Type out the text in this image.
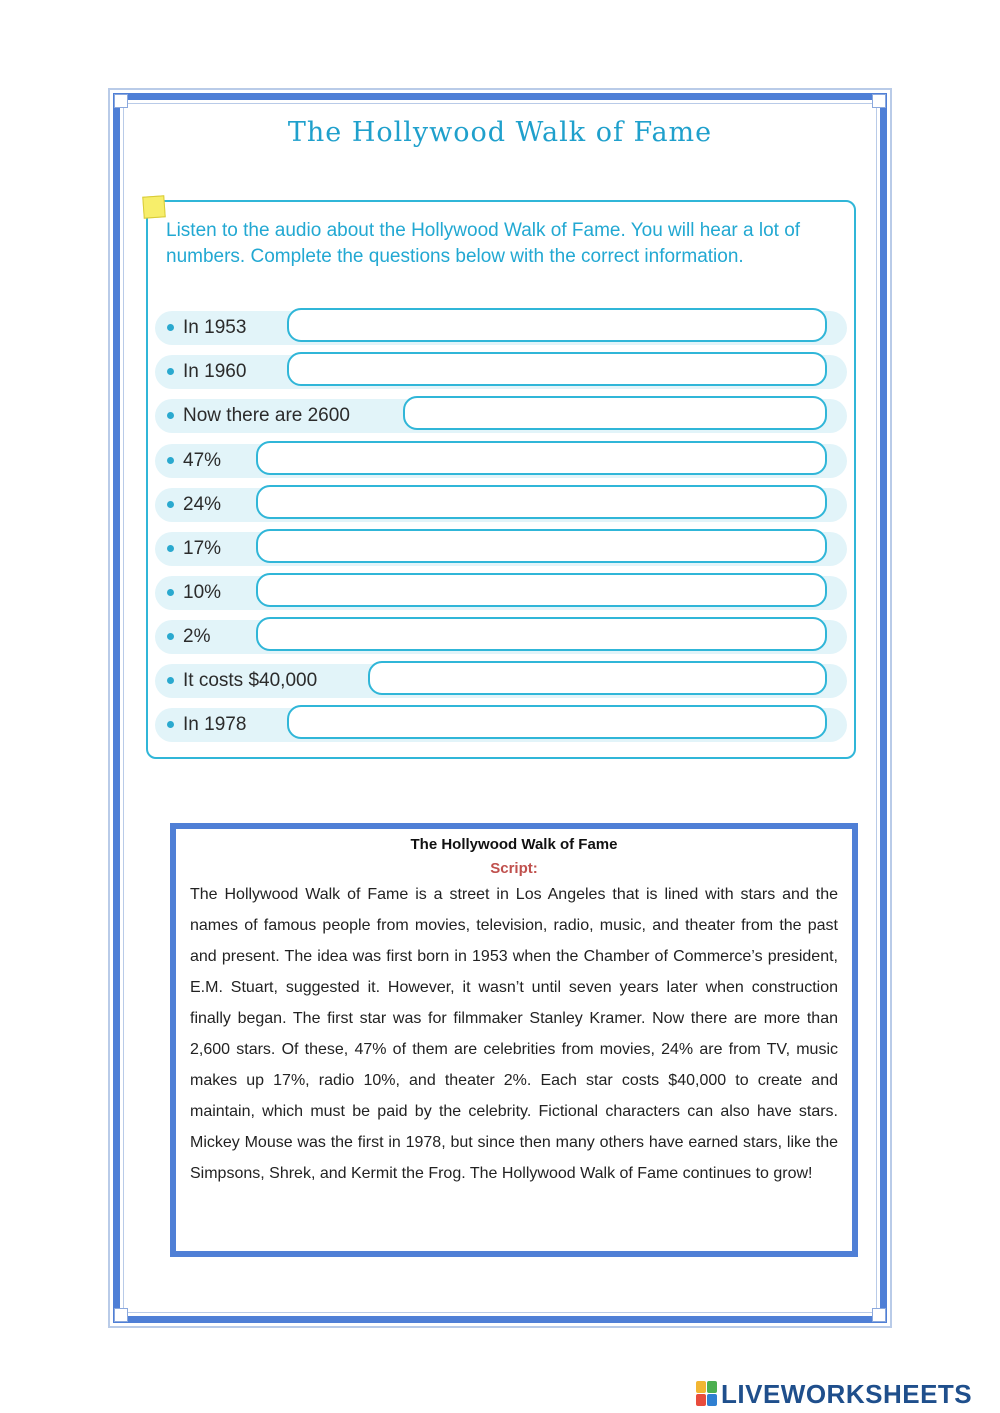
The Hollywood Walk of Fame
Listen to the audio about the Hollywood Walk of Fame. You will hear a lot of numbers. Complete the questions below with the correct information.
In 1953
In 1960
Now there are 2600
47%
24%
17%
10%
2%
It costs $40,000
In 1978
The Hollywood Walk of Fame
Script:
The Hollywood Walk of Fame is a street in Los Angeles that is lined with stars and the names of famous people from movies, television, radio, music, and theater from the past and present. The idea was first born in 1953 when the Chamber of Commerce’s president, E.M. Stuart, suggested it. However, it wasn’t until seven years later when construction finally began. The first star was for filmmaker Stanley Kramer. Now there are more than 2,600 stars. Of these, 47% of them are celebrities from movies, 24% are from TV, music makes up 17%, radio 10%, and theater 2%. Each star costs $40,000 to create and maintain, which must be paid by the celebrity. Fictional characters can also have stars. Mickey Mouse was the first in 1978, but since then many others have earned stars, like the Simpsons, Shrek, and Kermit the Frog. The Hollywood Walk of Fame continues to grow!
LIVEWORKSHEETS
